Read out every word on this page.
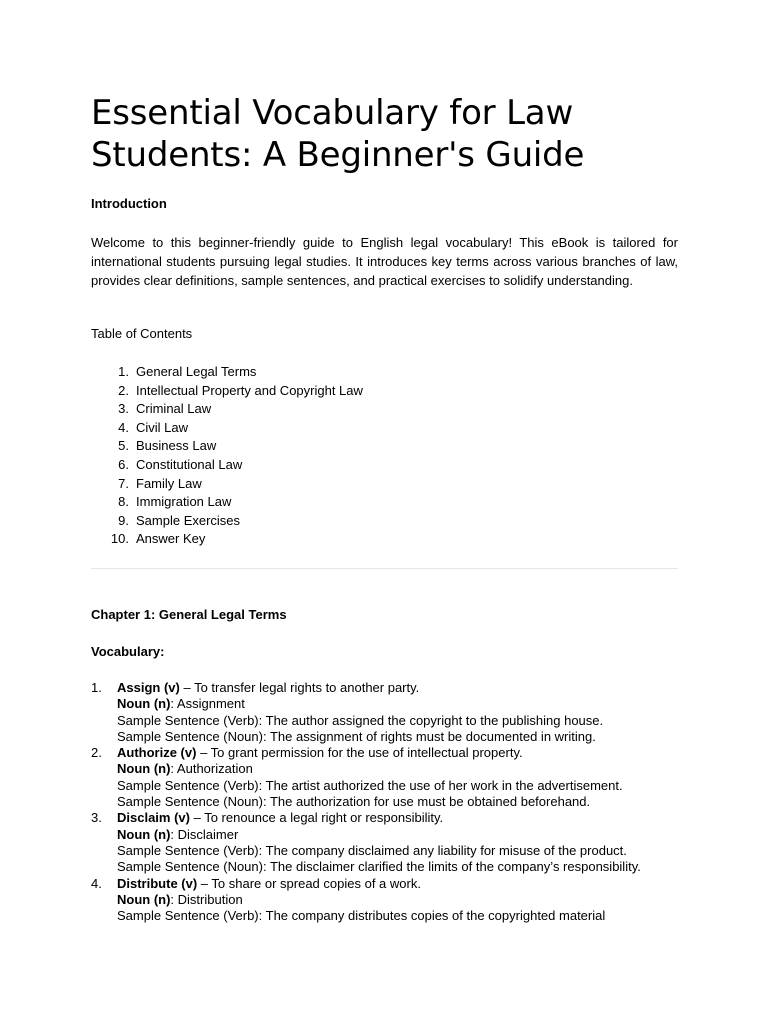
Essential Vocabulary for Law
Students: A Beginner's Guide

Introduction

Welcome to this beginner-friendly guide to English legal vocabulary! This eBook is tailored for international students pursuing legal studies. It introduces key terms across various branches of law, provides clear definitions, sample sentences, and practical exercises to solidify understanding.

Table of Contents

1. General Legal Terms
2. Intellectual Property and Copyright Law
3. Criminal Law
4. Civil Law
5. Business Law
6. Constitutional Law
7. Family Law
8. Immigration Law
9. Sample Exercises
10. Answer Key

Chapter 1: General Legal Terms

Vocabulary:

1. Assign (v) – To transfer legal rights to another party.
Noun (n): Assignment
Sample Sentence (Verb): The author assigned the copyright to the publishing house.
Sample Sentence (Noun): The assignment of rights must be documented in writing.
2. Authorize (v) – To grant permission for the use of intellectual property.
Noun (n): Authorization
Sample Sentence (Verb): The artist authorized the use of her work in the advertisement.
Sample Sentence (Noun): The authorization for use must be obtained beforehand.
3. Disclaim (v) – To renounce a legal right or responsibility.
Noun (n): Disclaimer
Sample Sentence (Verb): The company disclaimed any liability for misuse of the product.
Sample Sentence (Noun): The disclaimer clarified the limits of the company’s responsibility.
4. Distribute (v) – To share or spread copies of a work.
Noun (n): Distribution
Sample Sentence (Verb): The company distributes copies of the copyrighted material
